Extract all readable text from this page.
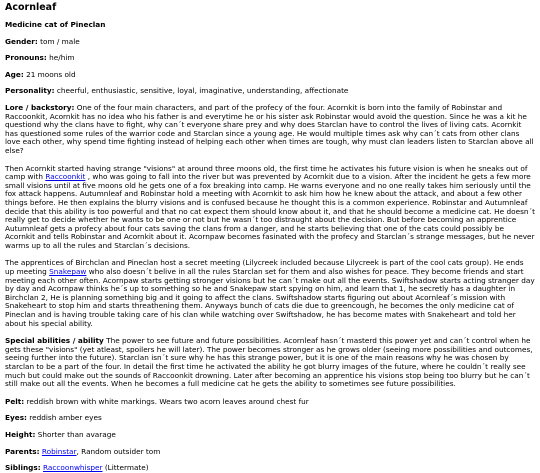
Acornleaf
Medicine cat of Pineclan
Gender: tom / male
Pronouns: he/him
Age: 21 moons old
Personality: cheerful, enthusiastic, sensitive, loyal, imaginative, understanding, affectionate

Lore / backstory: One of the four main characters, and part of the profecy of the four. Acornkit is born into the family of Robinstar and Raccoonkit, Acornkit has no idea who his father is and everytime he or his sister ask Robinstar would avoid the question. Since he was a kit he questiond why the clans have to fight, why can´t everyone share prey and why does Starclan have to control the lives of living cats. Acornkit has questioned some rules of the warrior code and Starclan since a young age. He would multiple times ask why can´t cats from other clans love each other, why spend time fighting instead of helping each other when times are tough, why must clan leaders listen to Starclan above all else?

Then Acornkit started having strange "visions" at around three moons old, the first time he activates his future vision is when he sneaks out of camp with Raccoonkit , who was going to fall into the river but was prevented by Acornkit due to a vision. After the incident he gets a few more small visions until at five moons old he gets one of a fox breaking into camp. He warns everyone and no one really takes him seriously until the fox attack happens. Autumnleaf and Robinstar hold a meeting with Acornkit to ask him how he knew about the attack, and about a few other things before. He then explains the blurry visions and is confused because he thought this is a common experience. Robinstar and Autumnleaf decide that this ability is too powerful and that no cat expect them should know about it, and that he should become a medicine cat. He doesn´t really get to decide whether he wants to be one or not but he wasn´t too distraught about the decision. But before becoming an apprentice Autumnleaf gets a profecy about four cats saving the clans from a danger, and he starts believing that one of the cats could possibly be Acornkit and tells Robinstar and Acornkit about it. Acornpaw becomes fasinated with the profecy and Starclan´s strange messages, but he never warms up to all the rules and Starclan´s decisions.

The apprentices of Birchclan and Pineclan host a secret meeting (Lilycreek included because Lilycreek is part of the cool cats group). He ends up meeting Snakepaw who also doesn´t belive in all the rules Starclan set for them and also wishes for peace. They become friends and start meeting each other often. Acornpaw starts getting stronger visions but he can´t make out all the events. Swiftshadow starts acting stranger day by day and Acornpaw thinks he´s up to something so he and Snakepaw start spying on him, and learn that 1, he secretly has a daughter in Birchclan 2, He is planning something big and it going to affect the clans. Swiftshadow starts figuring out about Acornleaf´s mission with Snakeheart to stop him and starts threathening them. Anyways bunch of cats die due to greencough, he becomes the only medicine cat of Pineclan and is having trouble taking care of his clan while watching over Swiftshadow, he has become mates with Snakeheart and told her about his special ability.

Special abilities / ability The power to see future and future possibilities. Acornleaf hasn´t masterd this power yet and can´t control when he gets these "visions" (yet atleast, spoilers he will later). The power becomes stronger as he grows older (seeing more possibilities and outcomes, seeing further into the future). Starclan isn´t sure why he has this strange power, but it is one of the main reasons why he was chosen by starclan to be a part of the four. In detail the first time he activated the ability he got blurry images of the future, where he couldn´t really see much but could make out the sounds of Raccoonkit drowning. Later after becoming an apprentice his visions stop being too blurry but he can´t still make out all the events. When he becomes a full medicine cat he gets the ability to sometimes see future possibilities.

Pelt: reddish brown with white markings. Wears two acorn leaves around chest fur
Eyes: reddish amber eyes
Height: Shorter than avarage
Parents: Robinstar, Random outsider tom
Siblings: Raccoonwhisper (Littermate)
